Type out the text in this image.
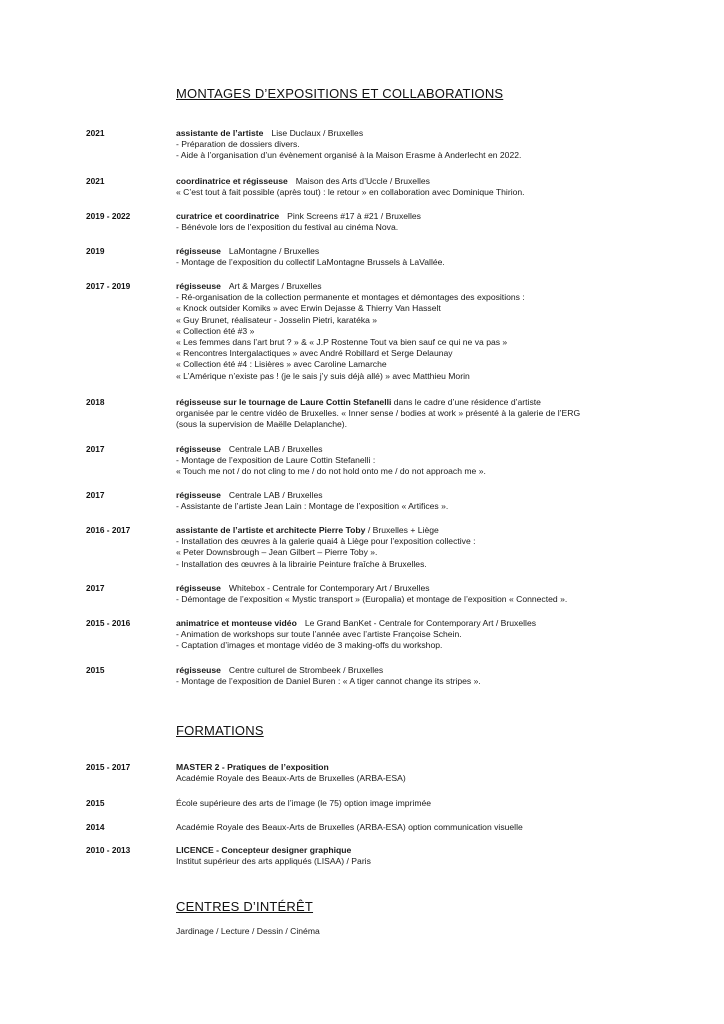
MONTAGES D’EXPOSITIONS ET COLLABORATIONS
2021	assistante de l’artiste Lise Duclaux / Bruxelles
- Préparation de dossiers divers.
- Aide à l’organisation d’un évènement organisé à la Maison Erasme à Anderlecht en 2022.
2021	coordinatrice et régisseuse Maison des Arts d’Uccle / Bruxelles
« C’est tout à fait possible (après tout) : le retour » en collaboration avec Dominique Thirion.
2019 - 2022	curatrice et coordinatrice Pink Screens #17 à #21 / Bruxelles
- Bénévole lors de l’exposition du festival au cinéma Nova.
2019	régisseuse LaMontagne / Bruxelles
- Montage de l’exposition du collectif LaMontagne Brussels à LaVallée.
2017 - 2019	régisseuse Art & Marges / Bruxelles
- Ré-organisation de la collection permanente et montages et démontages des expositions :
« Knock outsider Komiks » avec Erwin Dejasse & Thierry Van Hasselt
« Guy Brunet, réalisateur - Josselin Pietri, karatéka »
« Collection été #3 »
« Les femmes dans l’art brut ? » & « J.P Rostenne Tout va bien sauf ce qui ne va pas »
« Rencontres Intergalactiques » avec André Robillard et Serge Delaunay
« Collection été #4 : Lisières » avec Caroline Lamarche
« L’Amérique n’existe pas ! (je le sais j’y suis déjà allé) » avec Matthieu Morin
2018	régisseuse sur le tournage de Laure Cottin Stefanelli dans le cadre d’une résidence d’artiste
organisée par le centre vidéo de Bruxelles. « Inner sense / bodies at work » présenté à la galerie de l’ERG
(sous la supervision de Maëlle Delaplanche).
2017	régisseuse Centrale LAB / Bruxelles
- Montage de l’exposition de Laure Cottin Stefanelli :
« Touch me not / do not cling to me / do not hold onto me / do not approach me ».
2017	régisseuse Centrale LAB / Bruxelles
- Assistante de l’artiste Jean Lain : Montage de l’exposition « Artifices ».
2016 - 2017	assistante de l’artiste et architecte Pierre Toby / Bruxelles + Liège
- Installation des œuvres à la galerie quai4 à Liège pour l’exposition collective :
« Peter Downsbrough – Jean Gilbert – Pierre Toby ».
- Installation des œuvres à la librairie Peinture fraîche à Bruxelles.
2017	régisseuse Whitebox - Centrale for Contemporary Art / Bruxelles
- Démontage de l’exposition « Mystic transport » (Europalia) et montage de l’exposition « Connected ».
2015 - 2016	animatrice et monteuse vidéo Le Grand BanKet - Centrale for Contemporary Art / Bruxelles
- Animation de workshops sur toute l’année avec l’artiste Françoise Schein.
- Captation d’images et montage vidéo de 3 making-offs du workshop.
2015	régisseuse Centre culturel de Strombeek / Bruxelles
- Montage de l’exposition de Daniel Buren : « A tiger cannot change its stripes ».
FORMATIONS
2015 - 2017	MASTER 2 - Pratiques de l’exposition
Académie Royale des Beaux-Arts de Bruxelles (ARBA-ESA)
2015	École supérieure des arts de l’image (le 75) option image imprimée
2014	Académie Royale des Beaux-Arts de Bruxelles (ARBA-ESA) option communication visuelle
2010 - 2013	LICENCE - Concepteur designer graphique
Institut supérieur des arts appliqués (LISAA) / Paris
CENTRES D’INTÉRÊT
Jardinage / Lecture / Dessin / Cinéma
